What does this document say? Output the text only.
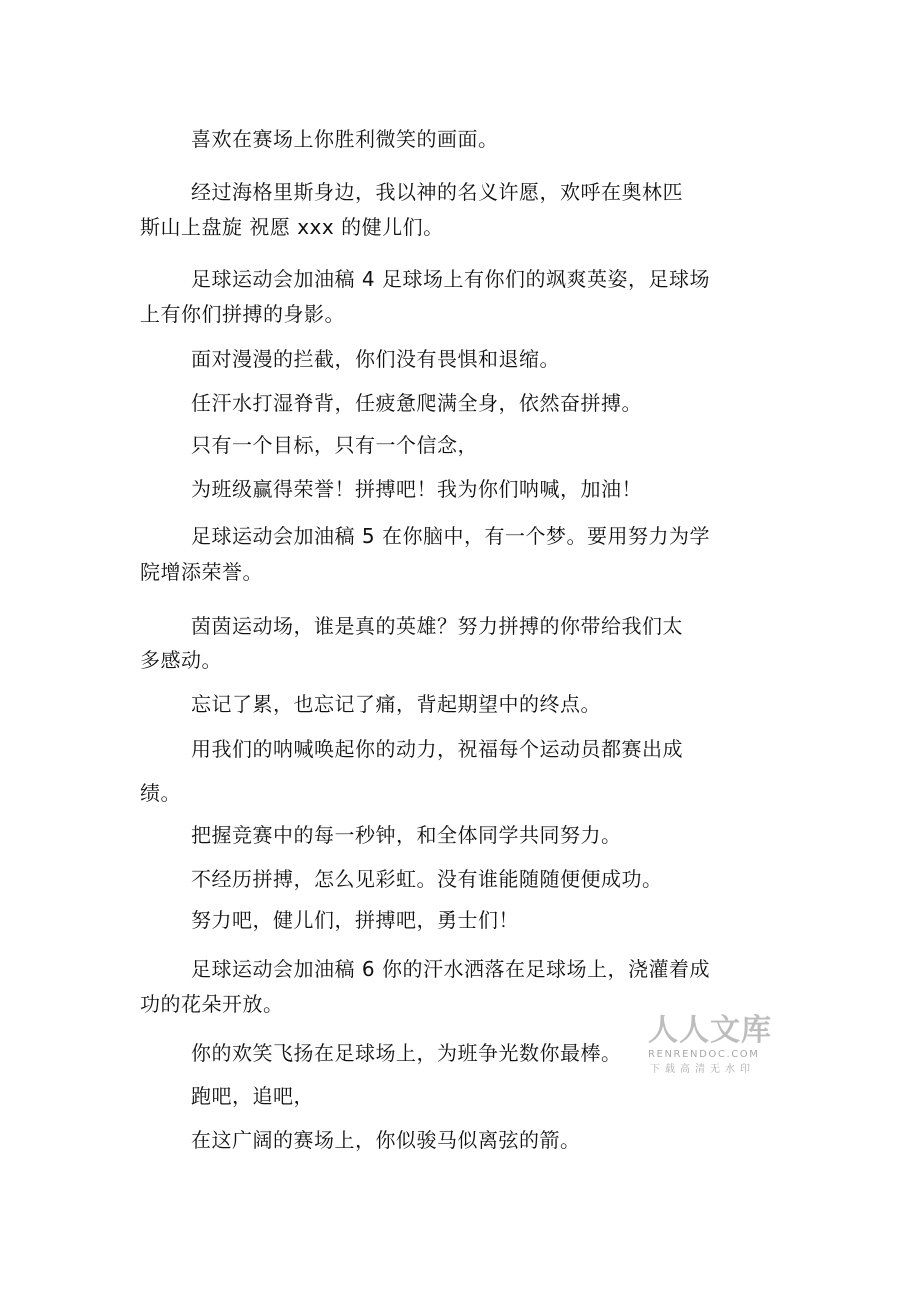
喜欢在赛场上你胜利微笑的画面。
经过海格里斯身边，我以神的名义许愿，欢呼在奥林匹
斯山上盘旋 祝愿 xxx 的健儿们。
足球运动会加油稿 4 足球场上有你们的飒爽英姿，足球场
上有你们拼搏的身影。
面对漫漫的拦截，你们没有畏惧和退缩。
任汗水打湿脊背，任疲惫爬满全身，依然奋拼搏。
只有一个目标，只有一个信念，
为班级赢得荣誉！拼搏吧！我为你们呐喊，加油！
足球运动会加油稿 5 在你脑中，有一个梦。要用努力为学
院增添荣誉。
茵茵运动场，谁是真的英雄？努力拼搏的你带给我们太
多感动。
忘记了累，也忘记了痛，背起期望中的终点。
用我们的呐喊唤起你的动力，祝福每个运动员都赛出成
绩。
把握竞赛中的每一秒钟，和全体同学共同努力。
不经历拼搏，怎么见彩虹。没有谁能随随便便成功。
努力吧，健儿们，拼搏吧，勇士们！
足球运动会加油稿 6 你的汗水洒落在足球场上，浇灌着成
功的花朵开放。
你的欢笑飞扬在足球场上，为班争光数你最棒。
跑吧，追吧，
在这广阔的赛场上，你似骏马似离弦的箭。
人人文库
RENRENDOC.COM
下载高清无水印
